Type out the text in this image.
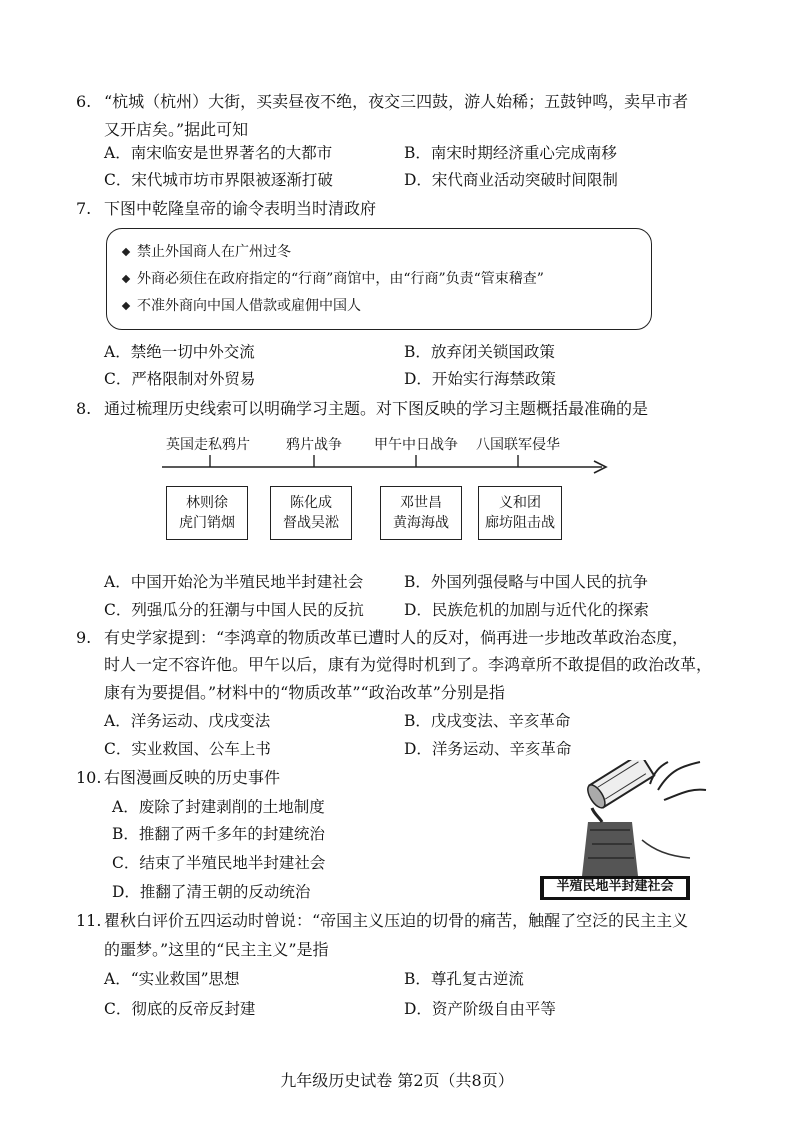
6. “杭城（杭州）大街，买卖昼夜不绝，夜交三四鼓，游人始稀；五鼓钟鸣，卖早市者
又开店矣。”据此可知
A．南宋临安是世界著名的大都市	B．南宋时期经济重心完成南移
C．宋代城市坊市界限被逐渐打破	D．宋代商业活动突破时间限制
7. 下图中乾隆皇帝的谕令表明当时清政府
禁止外国商人在广州过冬
外商必须住在政府指定的“行商”商馆中，由“行商”负责“管束稽查”
不准外商向中国人借款或雇佣中国人
A．禁绝一切中外交流	B．放弃闭关锁国政策
C．严格限制对外贸易	D．开始实行海禁政策
8. 通过梳理历史线索可以明确学习主题。对下图反映的学习主题概括最准确的是
英国走私鸦片	鸦片战争 甲午中日战争 八国联军侵华
林则徐
虎门销烟
陈化成
督战吴淞
邓世昌
黄海海战
义和团
廊坊阻击战
A．中国开始沦为半殖民地半封建社会	B．外国列强侵略与中国人民的抗争
C．列强瓜分的狂潮与中国人民的反抗	D．民族危机的加剧与近代化的探索
9. 有史学家提到：“李鸿章的物质改革已遭时人的反对，倘再进一步地改革政治态度，
时人一定不容许他。甲午以后，康有为觉得时机到了。李鸿章所不敢提倡的政治改革，
康有为要提倡。”材料中的“物质改革”“政治改革”分别是指
A．洋务运动、戊戌变法	B．戊戌变法、辛亥革命
C．实业救国、公车上书	D．洋务运动、辛亥革命
10. 右图漫画反映的历史事件
A．废除了封建剥削的土地制度
B．推翻了两千多年的封建统治
C．结束了半殖民地半封建社会
D．推翻了清王朝的反动统治	半殖民地半封建社会
11. 瞿秋白评价五四运动时曾说：“帝国主义压迫的切骨的痛苦，触醒了空泛的民主主义
的噩梦。”这里的“民主主义”是指
A．“实业救国”思想	B．尊孔复古逆流
C．彻底的反帝反封建	D．资产阶级自由平等
九年级历史试卷 第2页（共8页）
